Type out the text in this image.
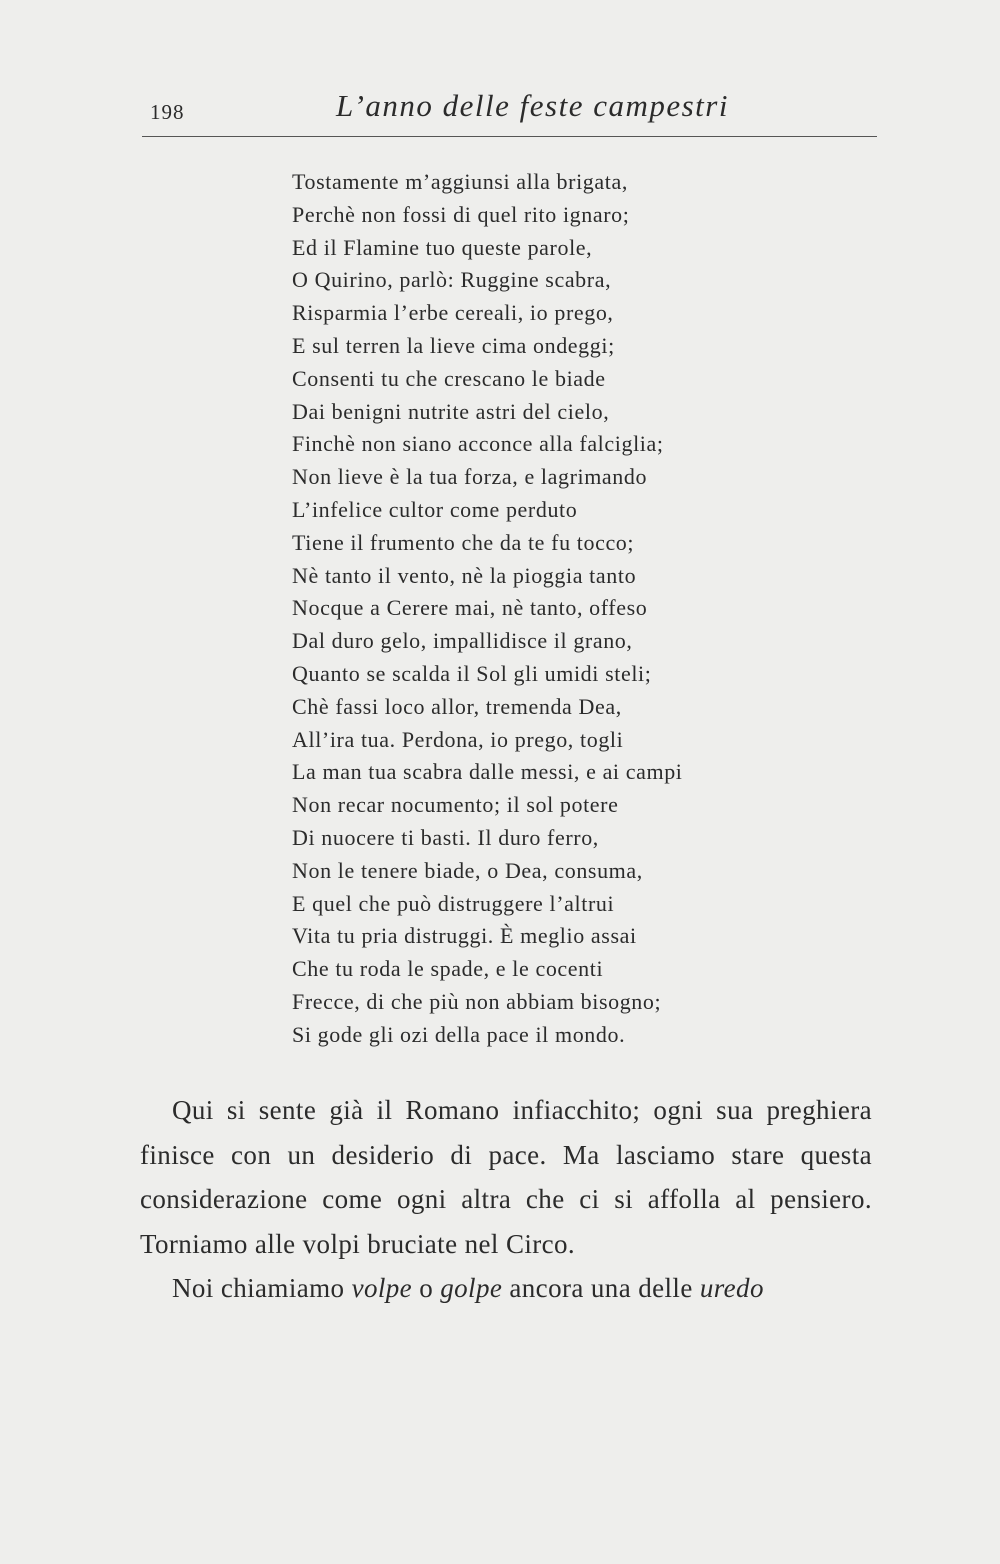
198	L’anno delle feste campestri
Tostamente m’aggiunsi alla brigata,
Perchè non fossi di quel rito ignaro;
Ed il Flamine tuo queste parole,
O Quirino, parlò: Ruggine scabra,
Risparmia l’erbe cereali, io prego,
E sul terren la lieve cima ondeggi;
Consenti tu che crescano le biade
Dai benigni nutrite astri del cielo,
Finchè non siano acconce alla falciglia;
Non lieve è la tua forza, e lagrimando
L’infelice cultor come perduto
Tiene il frumento che da te fu tocco;
Nè tanto il vento, nè la pioggia tanto
Nocque a Cerere mai, nè tanto, offeso
Dal duro gelo, impallidisce il grano,
Quanto se scalda il Sol gli umidi steli;
Chè fassi loco allor, tremenda Dea,
All’ira tua. Perdona, io prego, togli
La man tua scabra dalle messi, e ai campi
Non recar nocumento; il sol potere
Di nuocere ti basti. Il duro ferro,
Non le tenere biade, o Dea, consuma,
E quel che può distruggere l’altrui
Vita tu pria distruggi. È meglio assai
Che tu roda le spade, e le cocenti
Frecce, di che più non abbiam bisogno;
Si gode gli ozi della pace il mondo.

Qui si sente già il Romano infiacchito; ogni sua preghiera finisce con un desiderio di pace. Ma lasciamo stare questa considerazione come ogni altra che ci si affolla al pensiero. Torniamo alle volpi bruciate nel Circo.

Noi chiamiamo volpe o golpe ancora una delle uredo
